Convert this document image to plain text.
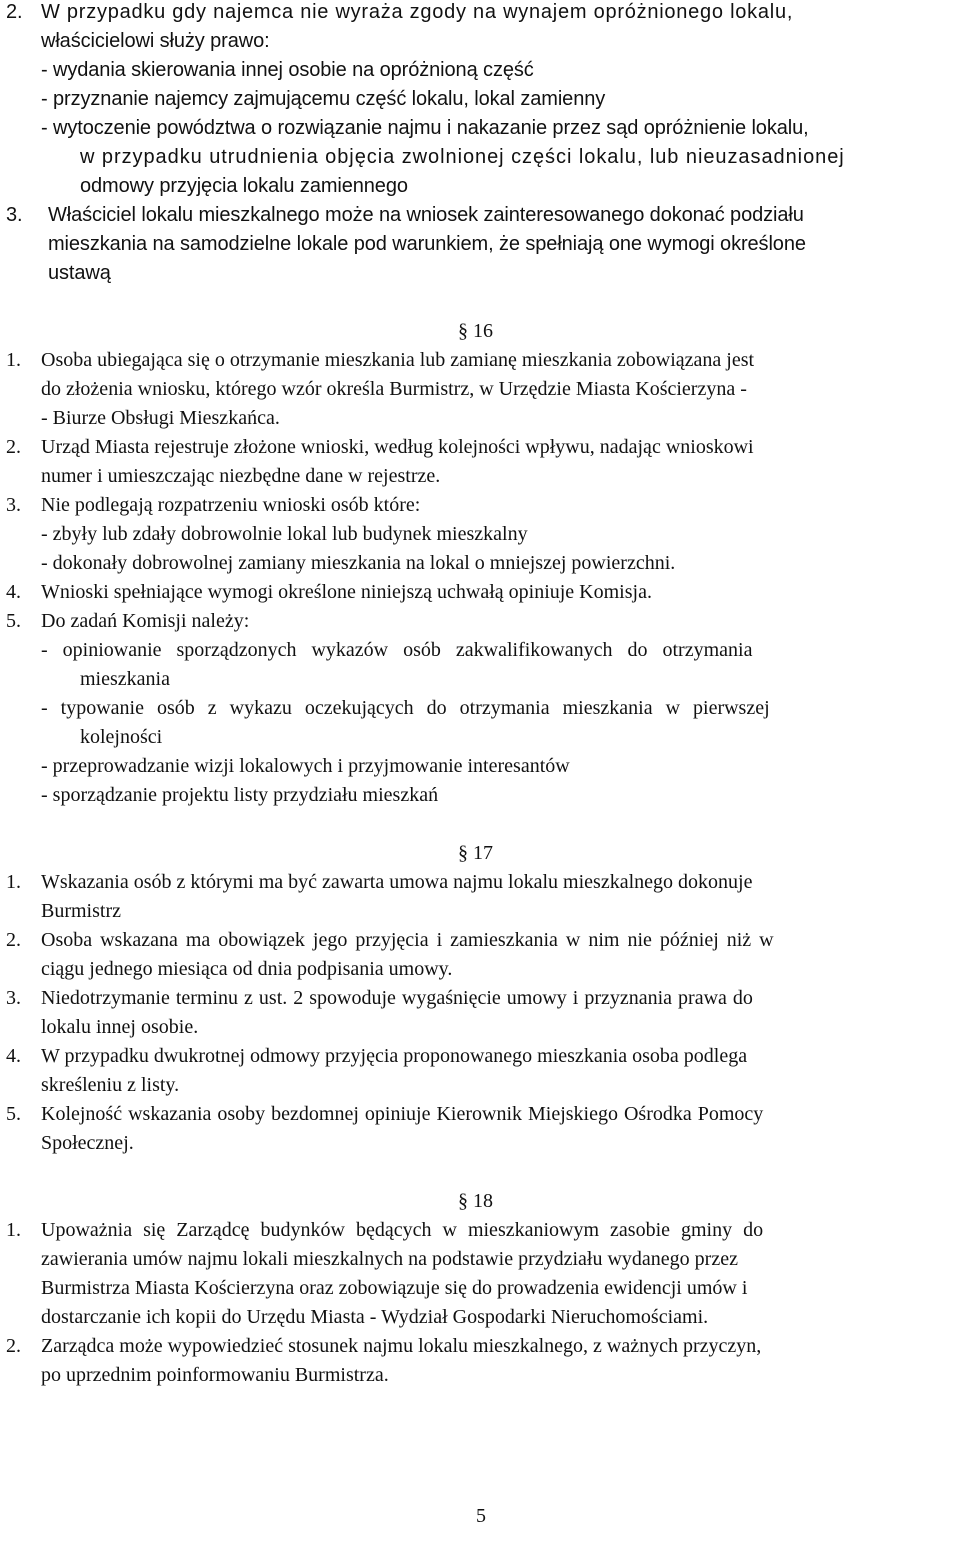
2. W przypadku gdy najemca nie wyraża zgody na wynajem opróżnionego lokalu,
właścicielowi służy prawo:
- wydania skierowania innej osobie na opróżnioną część
- przyznanie najemcy zajmującemu część lokalu, lokal zamienny
- wytoczenie powództwa o rozwiązanie najmu i nakazanie przez sąd opróżnienie lokalu,
w przypadku utrudnienia objęcia zwolnionej części lokalu, lub nieuzasadnionej
odmowy przyjęcia lokalu zamiennego
3. Właściciel lokalu mieszkalnego może na wniosek zainteresowanego dokonać podziału
mieszkania na samodzielne lokale pod warunkiem, że spełniają one wymogi określone
ustawą
§ 16
1. Osoba ubiegająca się o otrzymanie mieszkania lub zamianę mieszkania zobowiązana jest
do złożenia wniosku, którego wzór określa Burmistrz, w Urzędzie Miasta Kościerzyna -
- Biurze Obsługi Mieszkańca.
2. Urząd Miasta rejestruje złożone wnioski, według kolejności wpływu, nadając wnioskowi
numer i umieszczając niezbędne dane w rejestrze.
3. Nie podlegają rozpatrzeniu wnioski osób które:
- zbyły lub zdały dobrowolnie lokal lub budynek mieszkalny
- dokonały dobrowolnej zamiany mieszkania na lokal o mniejszej powierzchni.
4. Wnioski spełniające wymogi określone niniejszą uchwałą opiniuje Komisja.
5. Do zadań Komisji należy:
- opiniowanie sporządzonych wykazów osób zakwalifikowanych do otrzymania
mieszkania
- typowanie osób z wykazu oczekujących do otrzymania mieszkania w pierwszej
kolejności
- przeprowadzanie wizji lokalowych i przyjmowanie interesantów
- sporządzanie projektu listy przydziału mieszkań
§ 17
1. Wskazania osób z którymi ma być zawarta umowa najmu lokalu mieszkalnego dokonuje
Burmistrz
2. Osoba wskazana ma obowiązek jego przyjęcia i zamieszkania w nim nie później niż w
ciągu jednego miesiąca od dnia podpisania umowy.
3. Niedotrzymanie terminu z ust. 2 spowoduje wygaśnięcie umowy i przyznania prawa do
lokalu innej osobie.
4. W przypadku dwukrotnej odmowy przyjęcia proponowanego mieszkania osoba podlega
skreśleniu z listy.
5. Kolejność wskazania osoby bezdomnej opiniuje Kierownik Miejskiego Ośrodka Pomocy
Społecznej.
§ 18
1. Upoważnia się Zarządcę budynków będących w mieszkaniowym zasobie gminy do
zawierania umów najmu lokali mieszkalnych na podstawie przydziału wydanego przez
Burmistrza Miasta Kościerzyna oraz zobowiązuje się do prowadzenia ewidencji umów i
dostarczanie ich kopii do Urzędu Miasta - Wydział Gospodarki Nieruchomościami.
2. Zarządca może wypowiedzieć stosunek najmu lokalu mieszkalnego, z ważnych przyczyn,
po uprzednim poinformowaniu Burmistrza.
5
